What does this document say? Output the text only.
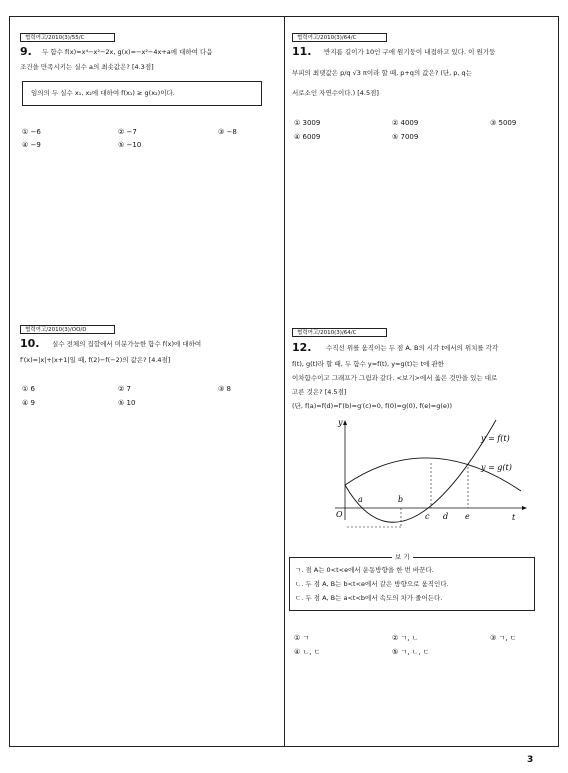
협력여고/2010(3)/55/C
9. 두 함수 f(x)=x⁴−x²−2x, g(x)=−x²−4x+a에 대하여 다음
조건을 만족시키는 실수 a의 최솟값은? [4.3점]
임의의 두 실수 x₁, x₂에 대하여 f(x₁) ≥ g(x₂)이다.
① −6	② −7	③ −8
④ −9	⑤ −10
협력여고/2010(3)/OO/D
10. 실수 전체의 집합에서 미분가능한 함수 f(x)에 대하여
f′(x)=|x|+|x+1|일 때, f(2)−f(−2)의 값은? [4.4점]
① 6	② 7	③ 8
④ 9	⑤ 10
협력여고/2010(3)/64/C
11. 반지름 길이가 10인 구에 원기둥이 내접하고 있다. 이 원기둥
부피의 최댓값은 p/q √3 π이라 할 때, p+q의 값은? (단, p, q는
서로소인 자연수이다.) [4.5점]
① 3009	② 4009	③ 5009
④ 6009	⑤ 7009
협력여고/2010(3)/64/C
12. 수직선 위를 움직이는 두 점 A, B의 시각 t에서의 위치를 각각
f(t), g(t)라 할 때, 두 함수 y=f(t), y=g(t)는 t에 관한
이차함수이고 그래프가 그림과 같다. <보기>에서 옳은 것만을 있는 대로
고른 것은? [4.5점]
(단, f(a)=f(d)=f′(b)=g′(c)=0, f(0)=g(0), f(e)=g(e))
y
t
O
a	b
c d e
y = f(t)
y = g(t)
ㄱ. 점 A는 0<t<e에서 운동방향을 한 번 바꾼다.
ㄴ. 두 점 A, B는 b<t<e에서 같은 방향으로 움직인다.
ㄷ. 두 점 A, B는 a<t<b에서 속도의 차가 줄어든다.
보 기
① ㄱ	② ㄱ, ㄴ	③ ㄱ, ㄷ
④ ㄴ, ㄷ	⑤ ㄱ, ㄴ, ㄷ
3
